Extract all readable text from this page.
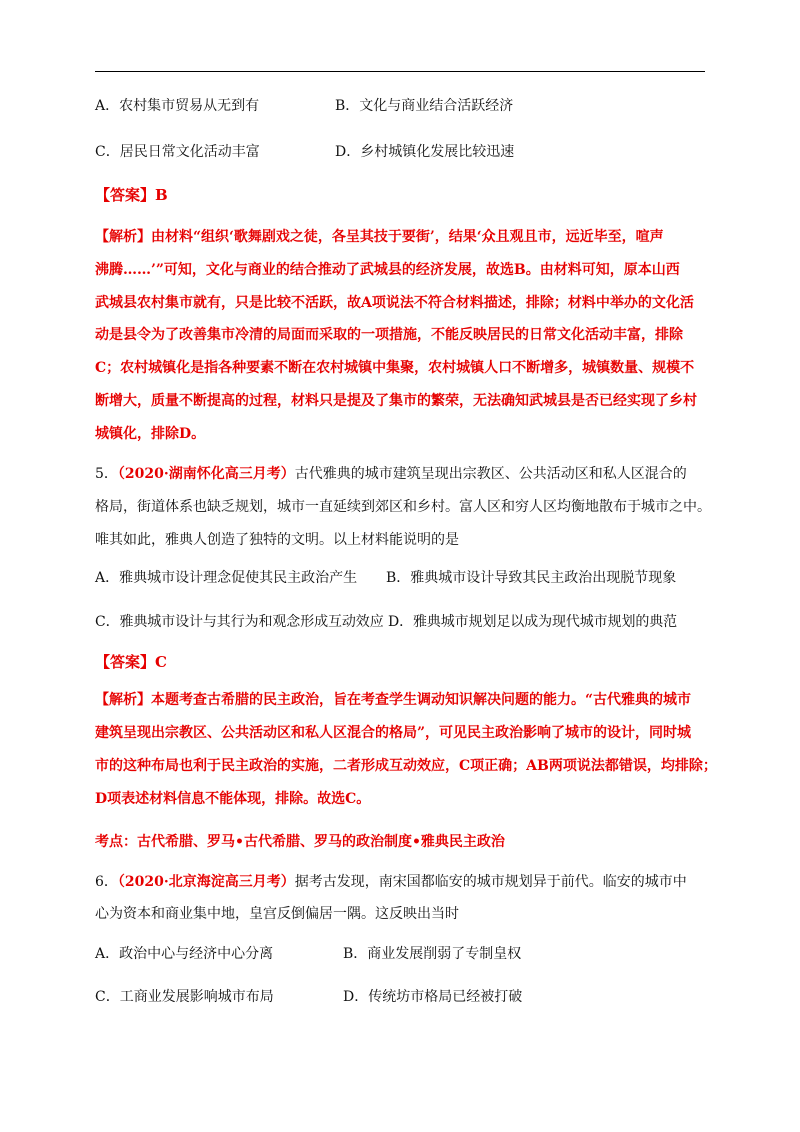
A．农村集市贸易从无到有	B．文化与商业结合活跃经济
C．居民日常文化活动丰富	D．乡村城镇化发展比较迅速
【答案】B
【解析】由材料“组织‘歌舞剧戏之徒，各呈其技于要街’，结果‘众且观且市，远近毕至，喧声
沸腾……’”可知，文化与商业的结合推动了武城县的经济发展，故选B。由材料可知，原本山西
武城县农村集市就有，只是比较不活跃，故A项说法不符合材料描述，排除；材料中举办的文化活
动是县令为了改善集市冷清的局面而采取的一项措施，不能反映居民的日常文化活动丰富，排除
C；农村城镇化是指各种要素不断在农村城镇中集聚，农村城镇人口不断增多，城镇数量、规模不
断增大，质量不断提高的过程，材料只是提及了集市的繁荣，无法确知武城县是否已经实现了乡村
城镇化，排除D。
5．（2020·湖南怀化高三月考）古代雅典的城市建筑呈现出宗教区、公共活动区和私人区混合的
格局，街道体系也缺乏规划，城市一直延续到郊区和乡村。富人区和穷人区均衡地散布于城市之中。
唯其如此，雅典人创造了独特的文明。以上材料能说明的是
A．雅典城市设计理念促使其民主政治产生 B．雅典城市设计导致其民主政治出现脱节现象
C．雅典城市设计与其行为和观念形成互动效应 D．雅典城市规划足以成为现代城市规划的典范
【答案】C
【解析】本题考查古希腊的民主政治，旨在考查学生调动知识解决问题的能力。“古代雅典的城市
建筑呈现出宗教区、公共活动区和私人区混合的格局”，可见民主政治影响了城市的设计，同时城
市的这种布局也利于民主政治的实施，二者形成互动效应，C项正确；AB两项说法都错误，均排除；
D项表述材料信息不能体现，排除。故选C。
考点：古代希腊、罗马•古代希腊、罗马的政治制度•雅典民主政治
6．（2020·北京海淀高三月考）据考古发现，南宋国都临安的城市规划异于前代。临安的城市中
心为资本和商业集中地，皇宫反倒偏居一隅。这反映出当时
A．政治中心与经济中心分离	B．商业发展削弱了专制皇权
C．工商业发展影响城市布局	D．传统坊市格局已经被打破
